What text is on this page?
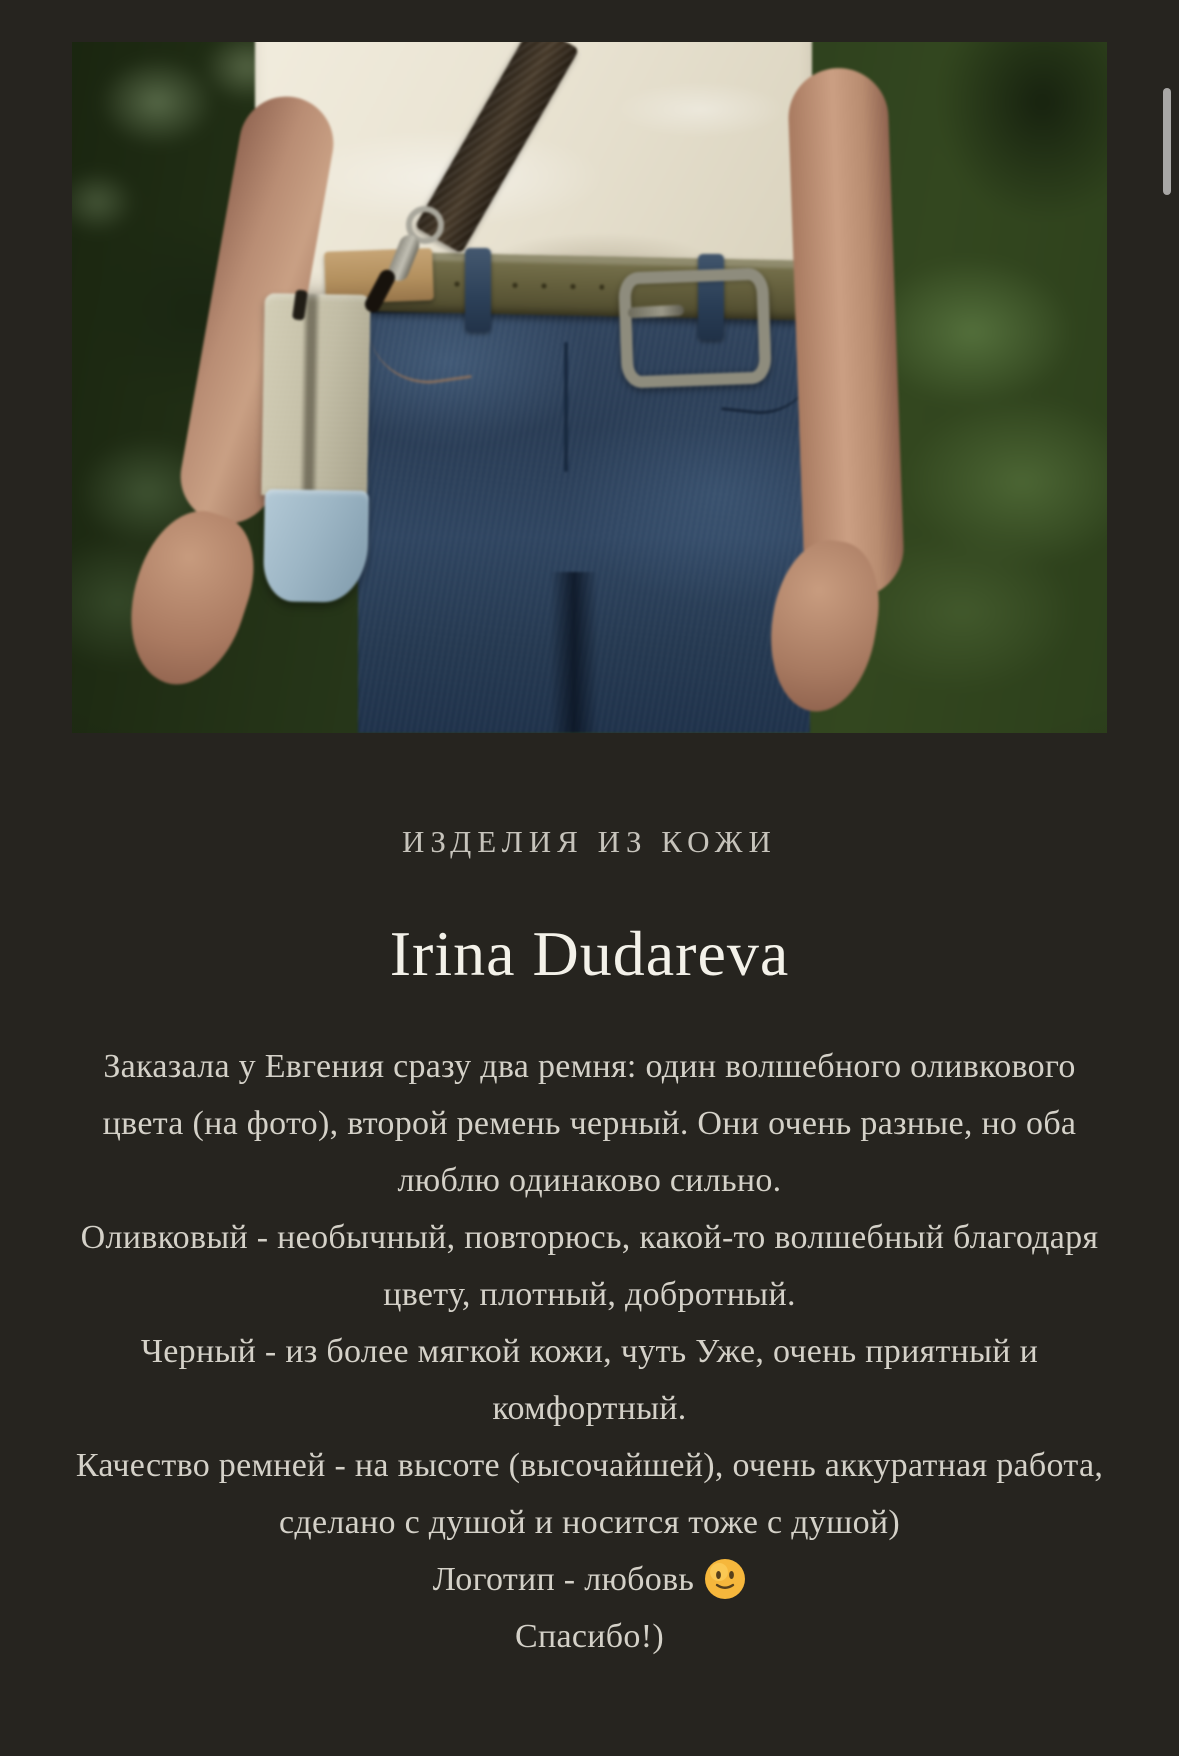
ИЗДЕЛИЯ ИЗ КОЖИ
Irina Dudareva

Заказала у Евгения сразу два ремня: один волшебного оливкового цвета (на фото), второй ремень черный. Они очень разные, но оба люблю одинаково сильно.

Оливковый - необычный, повторюсь, какой-то волшебный благодаря цвету, плотный, добротный.

Черный - из более мягкой кожи, чуть Уже, очень приятный и комфортный.

Качество ремней - на высоте (высочайшей), очень аккуратная работа, сделано с душой и носится тоже с душой)

Логотип - любовь

Спасибо!)
